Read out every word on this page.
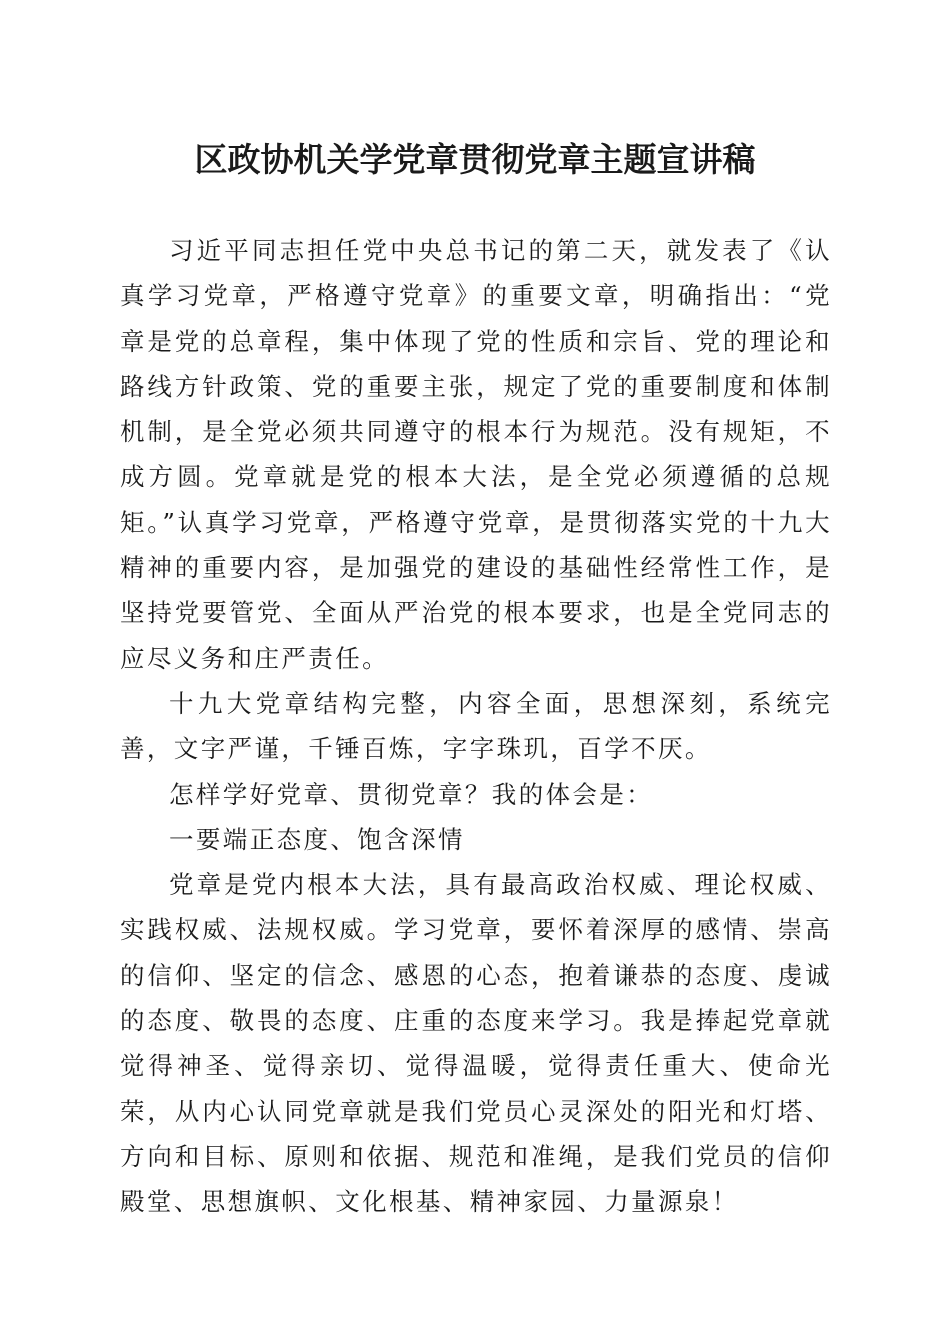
区政协机关学党章贯彻党章主题宣讲稿

习近平同志担任党中央总书记的第二天，就发表了《认真学习党章，严格遵守党章》的重要文章，明确指出：“党章是党的总章程，集中体现了党的性质和宗旨、党的理论和路线方针政策、党的重要主张，规定了党的重要制度和体制机制，是全党必须共同遵守的根本行为规范。没有规矩，不成方圆。党章就是党的根本大法，是全党必须遵循的总规矩。”认真学习党章，严格遵守党章，是贯彻落实党的十九大精神的重要内容，是加强党的建设的基础性经常性工作，是坚持党要管党、全面从严治党的根本要求，也是全党同志的应尽义务和庄严责任。

十九大党章结构完整，内容全面，思想深刻，系统完善，文字严谨，千锤百炼，字字珠玑，百学不厌。

怎样学好党章、贯彻党章？我的体会是：

一要端正态度、饱含深情

党章是党内根本大法，具有最高政治权威、理论权威、实践权威、法规权威。学习党章，要怀着深厚的感情、崇高的信仰、坚定的信念、感恩的心态，抱着谦恭的态度、虔诚的态度、敬畏的态度、庄重的态度来学习。我是捧起党章就觉得神圣、觉得亲切、觉得温暖，觉得责任重大、使命光荣，从内心认同党章就是我们党员心灵深处的阳光和灯塔、方向和目标、原则和依据、规范和准绳，是我们党员的信仰殿堂、思想旗帜、文化根基、精神家园、力量源泉！
